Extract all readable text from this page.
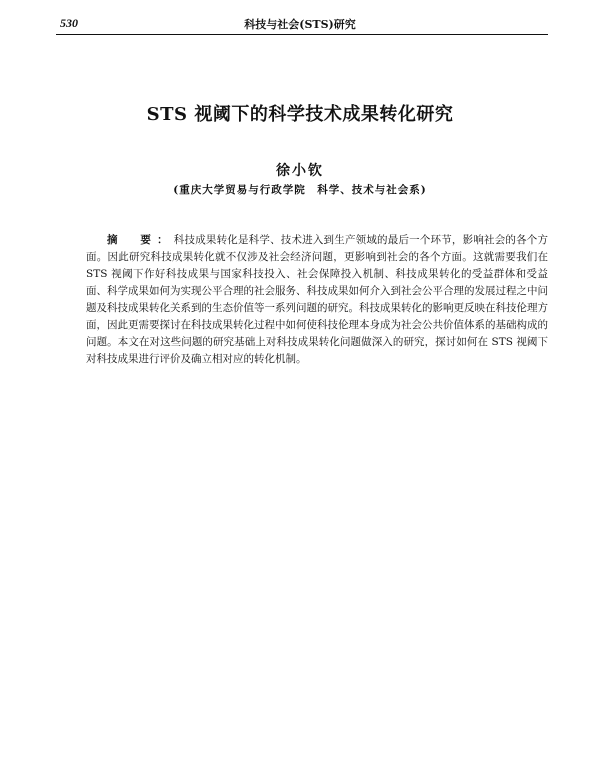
530	科技与社会(STS)研究
STS 视阈下的科学技术成果转化研究
徐小钦
(重庆大学贸易与行政学院　科学、技术与社会系)

摘　要：科技成果转化是科学、技术进入到生产领域的最后一个环节，影响社会的各个方面。因此研究科技成果转化就不仅涉及社会经济问题，更影响到社会的各个方面。这就需要我们在 STS 视阈下作好科技成果与国家科技投入、社会保障投入机制、科技成果转化的受益群体和受益面、科学成果如何为实现公平合理的社会服务、科技成果如何介入到社会公平合理的发展过程之中问题及科技成果转化关系到的生态价值等一系列问题的研究。科技成果转化的影响更反映在科技伦理方面，因此更需要探讨在科技成果转化过程中如何使科技伦理本身成为社会公共价值体系的基础构成的问题。本文在对这些问题的研究基础上对科技成果转化问题做深入的研究，探讨如何在 STS 视阈下对科技成果进行评价及确立相对应的转化机制。
